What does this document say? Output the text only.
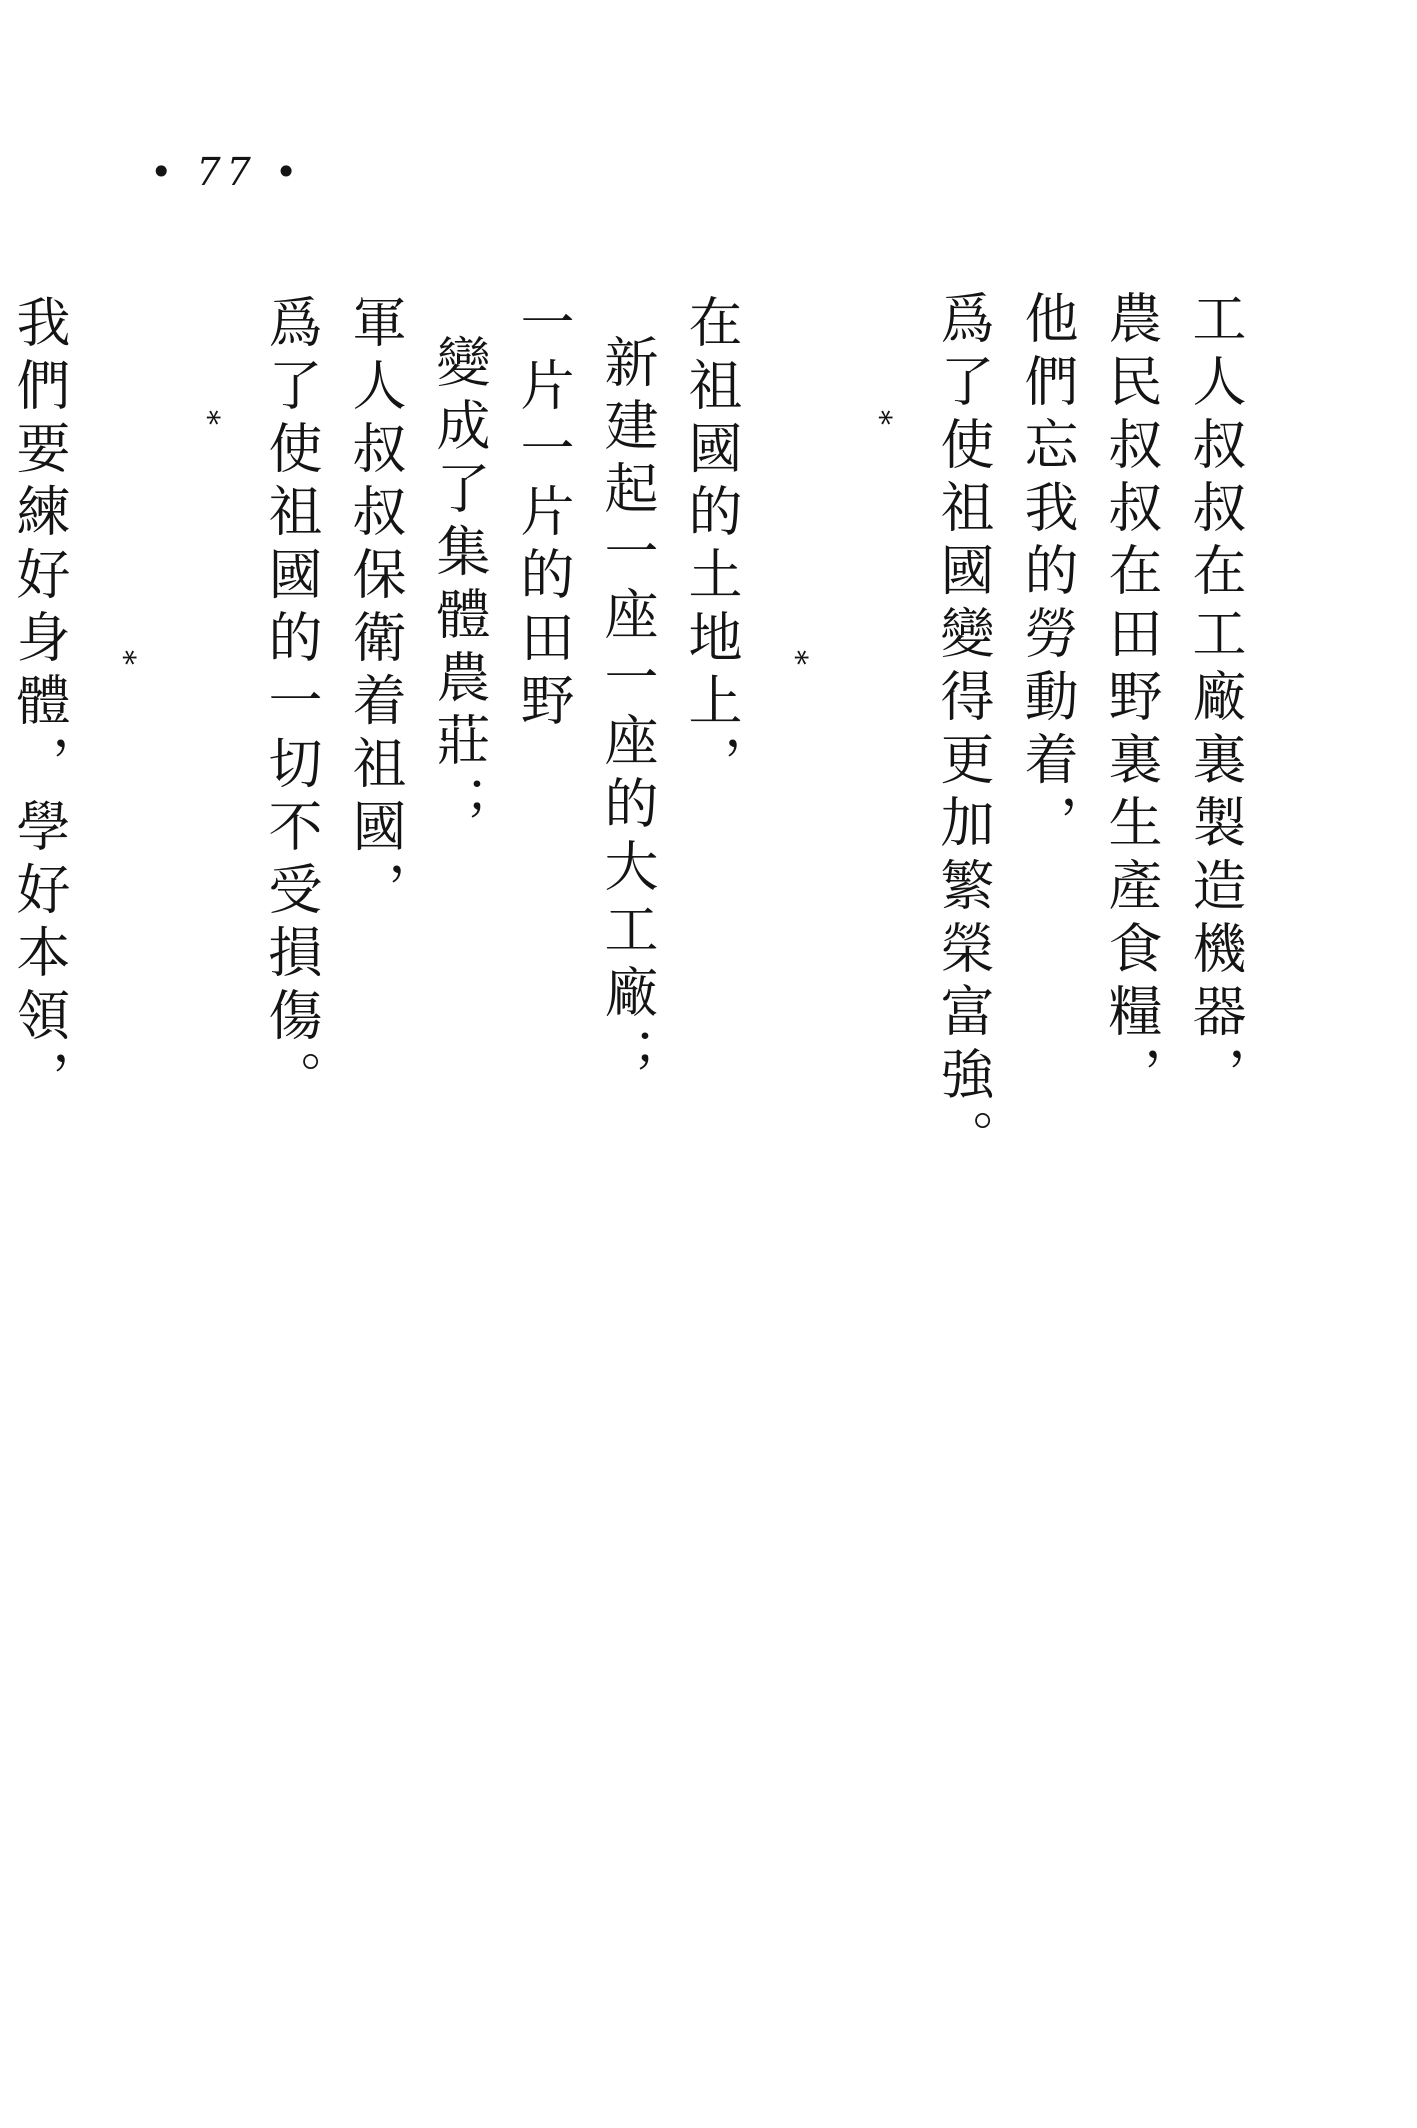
• 77 •
工人叔叔在工廠裏製造機器，
農民叔叔在田野裏生產食糧，
他們忘我的勞動着，
爲了使祖國變得更加繁榮富強。
*
*
在祖國的土地上，
新建起一座一座的大工廠；
一片一片的田野
變成了集體農莊；
軍人叔叔保衛着祖國，
爲了使祖國的一切不受損傷。
*
*
我們要練好身體，學好本領，
